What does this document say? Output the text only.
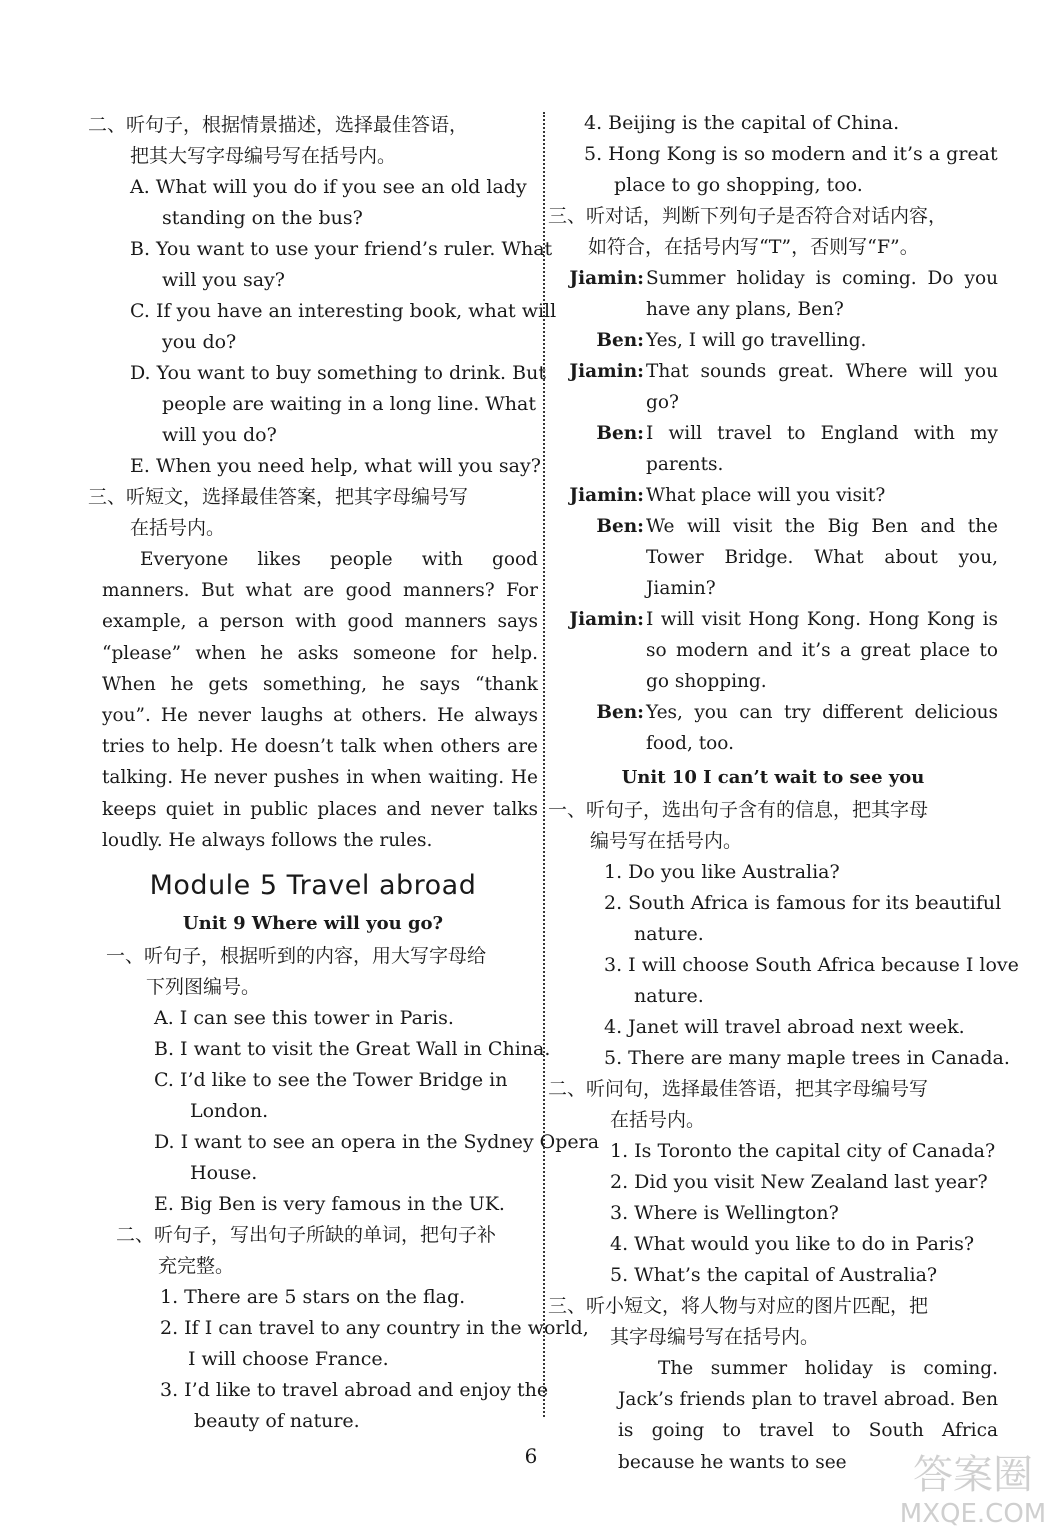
二、听句子，根据情景描述，选择最佳答语，
把其大写字母编号写在括号内。
A. What will you do if you see an old lady
standing on the bus?
B. You want to use your friend’s ruler. What
will you say?
C. If you have an interesting book, what will
you do?
D. You want to buy something to drink. But
people are waiting in a long line. What
will you do?
E. When you need help, what will you say?
三、听短文，选择最佳答案，把其字母编号写
在括号内。

Everyone likes people with good manners. But what are good manners? For example, a person with good manners says “please” when he asks someone for help. When he gets something, he says “thank you”. He never laughs at others. He always tries to help. He doesn’t talk when others are talking. He never pushes in when waiting. He keeps quiet in public places and never talks loudly. He always follows the rules.

Module 5 Travel abroad
Unit 9 Where will you go?
一、听句子，根据听到的内容，用大写字母给
下列图编号。
A. I can see this tower in Paris.
B. I want to visit the Great Wall in China.
C. I’d like to see the Tower Bridge in
London.
D. I want to see an opera in the Sydney Opera
House.
E. Big Ben is very famous in the UK.
二、听句子，写出句子所缺的单词，把句子补
充完整。
1. There are 5 stars on the flag.
2. If I can travel to any country in the world,
I will choose France.
3. I’d like to travel abroad and enjoy the
beauty of nature.
4. Beijing is the capital of China.
5. Hong Kong is so modern and it’s a great
place to go shopping, too.
三、听对话，判断下列句子是否符合对话内容，
如符合，在括号内写“T”，否则写“F”。
Jiamin: Summer holiday is coming. Do you have any plans, Ben?
Ben: Yes, I will go travelling.
Jiamin: That sounds great. Where will you go?
Ben: I will travel to England with my parents.
Jiamin: What place will you visit?
Ben: We will visit the Big Ben and the Tower Bridge. What about you, Jiamin?
Jiamin: I will visit Hong Kong. Hong Kong is so modern and it’s a great place to go shopping.
Ben: Yes, you can try different delicious food, too.
Unit 10 I can’t wait to see you
一、听句子，选出句子含有的信息，把其字母
编号写在括号内。
1. Do you like Australia?
2. South Africa is famous for its beautiful
nature.
3. I will choose South Africa because I love
nature.
4. Janet will travel abroad next week.
5. There are many maple trees in Canada.
二、听问句，选择最佳答语，把其字母编号写
在括号内。
1. Is Toronto the capital city of Canada?
2. Did you visit New Zealand last year?
3. Where is Wellington?
4. What would you like to do in Paris?
5. What’s the capital of Australia?
三、听小短文，将人物与对应的图片匹配，把
其字母编号写在括号内。

The summer holiday is coming. Jack’s friends plan to travel abroad. Ben is going to travel to South Africa because he wants to see

6	答案圈
MXQE.COM
